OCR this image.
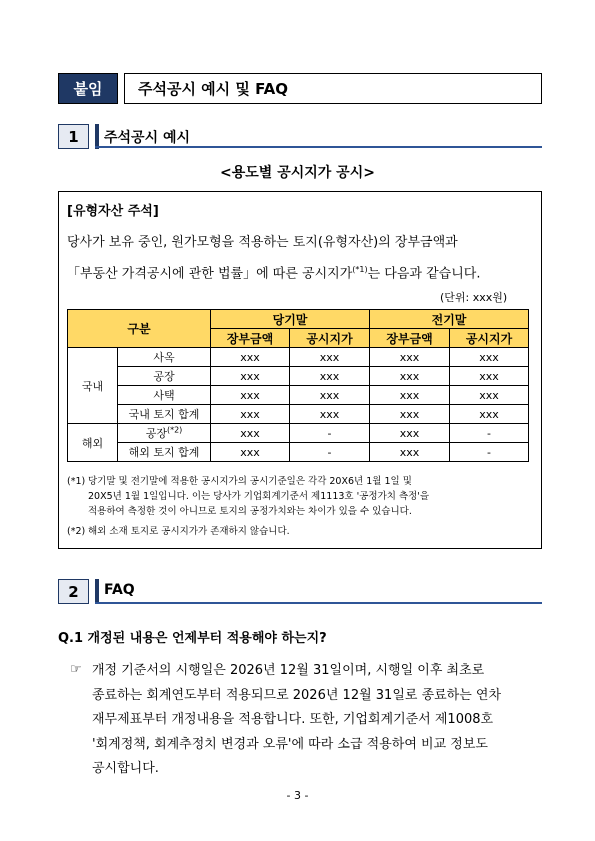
붙임	주석공시 예시 및 FAQ
1	주석공시 예시
<용도별 공시지가 공시>
[유형자산 주석]
당사가 보유 중인, 원가모형을 적용하는 토지(유형자산)의 장부금액과
「부동산 가격공시에 관한 법률」에 따른 공시지가$^{(*1)}$는 다음과 같습니다.
(단위: xxx원)
구분		당기말		전기말	
		장부금액	공시지가	장부금액	공시지가
국내	사옥	xxx	xxx	xxx	xxx
	공장	xxx	xxx	xxx	xxx
	사택	xxx	xxx	xxx	xxx
	국내 토지 합계	xxx	xxx	xxx	xxx
해외	공장$^{(*2)}$	xxx	-	xxx	-
	해외 토지 합계	xxx	-	xxx	-
(*1) 당기말 및 전기말에 적용한 공시지가의 공시기준일은 각각 20X6년 1월 1일 및
20X5년 1월 1일입니다. 이는 당사가 기업회계기준서 제1113호 '공정가치 측정'을
적용하여 측정한 것이 아니므로 토지의 공정가치와는 차이가 있을 수 있습니다.
(*2) 해외 소재 토지로 공시지가가 존재하지 않습니다.
2	FAQ
Q.1 개정된 내용은 언제부터 적용해야 하는지?
☞ 개정 기준서의 시행일은 2026년 12월 31일이며, 시행일 이후 최초로
종료하는 회계연도부터 적용되므로 2026년 12월 31일로 종료하는 연차
재무제표부터 개정내용을 적용합니다. 또한, 기업회계기준서 제1008호
'회계정책, 회계추정치 변경과 오류'에 따라 소급 적용하여 비교 정보도
공시합니다.
- 3 -
